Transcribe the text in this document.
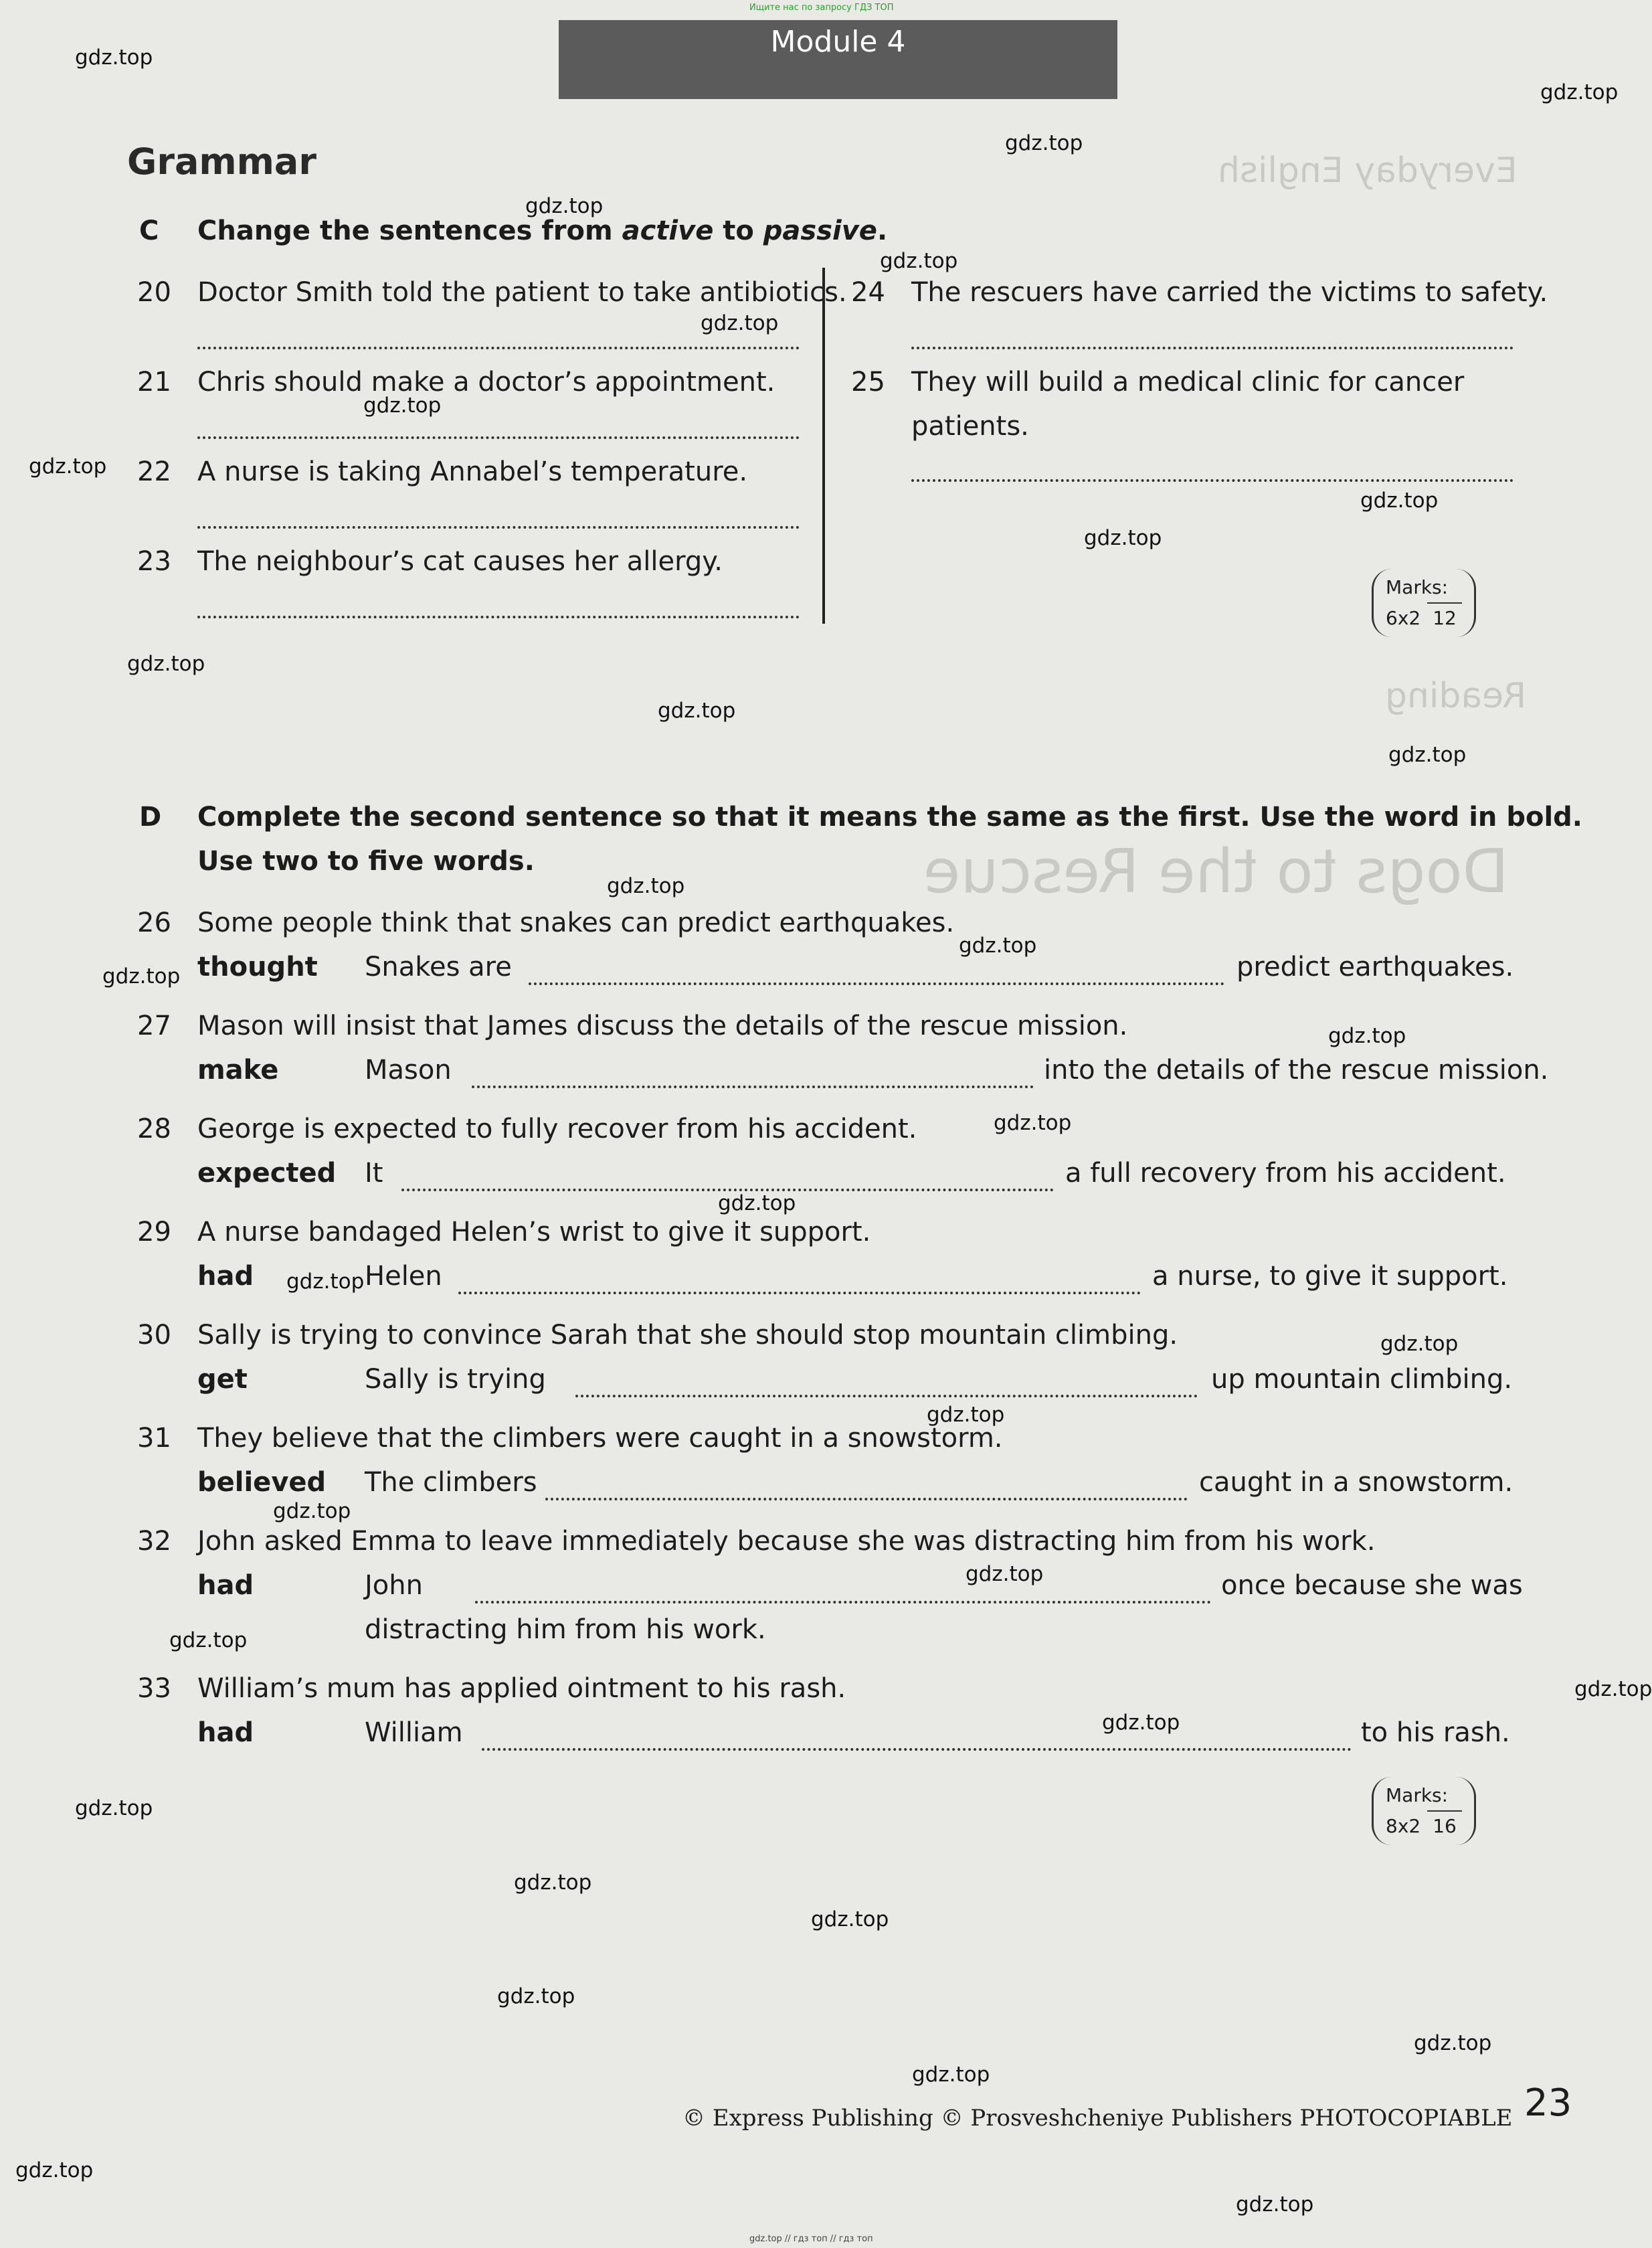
Everyday English
Reading
Dogs to the Rescue
Ищите нас по запросу ГДЗ ТОП
Module 4
Grammar
C Change the sentences from active to passive.
20 Doctor Smith told the patient to take antibiotics.
21 Chris should make a doctor’s appointment.
22 A nurse is taking Annabel’s temperature.
23 The neighbour’s cat causes her allergy.
24 The rescuers have carried the victims to safety.
25 They will build a medical clinic for cancer
patients.
Marks:
6x2 12
D Complete the second sentence so that it means the same as the first. Use the word in bold.
Use two to five words.
26 Some people think that snakes can predict earthquakes.
thought Snakes are	predict earthquakes.
27 Mason will insist that James discuss the details of the rescue mission.
make	Mason	into the details of the rescue mission.
28 George is expected to fully recover from his accident.
expected It	a full recovery from his accident.
29 A nurse bandaged Helen’s wrist to give it support.
had	Helen	a nurse, to give it support.
30 Sally is trying to convince Sarah that she should stop mountain climbing.
get	Sally is trying	up mountain climbing.
31 They believe that the climbers were caught in a snowstorm.
believed The climbers	caught in a snowstorm.
32 John asked Emma to leave immediately because she was distracting him from his work.
had	John	once because she was
distracting him from his work.
33 William’s mum has applied ointment to his rash.
had	William	to his rash.
Marks:
8x2 16
© Express Publishing © Prosveshcheniye Publishers PHOTOCOPIABLE 23
gdz.top // гдз топ // гдз топ
gdz.top
gdz.top
gdz.top
gdz.top
gdz.top
gdz.top
gdz.top
gdz.top
gdz.top
gdz.top
gdz.top
gdz.top
gdz.top
gdz.top
gdz.top
gdz.top
gdz.top
gdz.top
gdz.top
gdz.top
gdz.top
gdz.top
gdz.top
gdz.top
gdz.top
gdz.top
gdz.top
gdz.top
gdz.top
gdz.top
gdz.top
gdz.top
gdz.top
gdz.top
gdz.top
